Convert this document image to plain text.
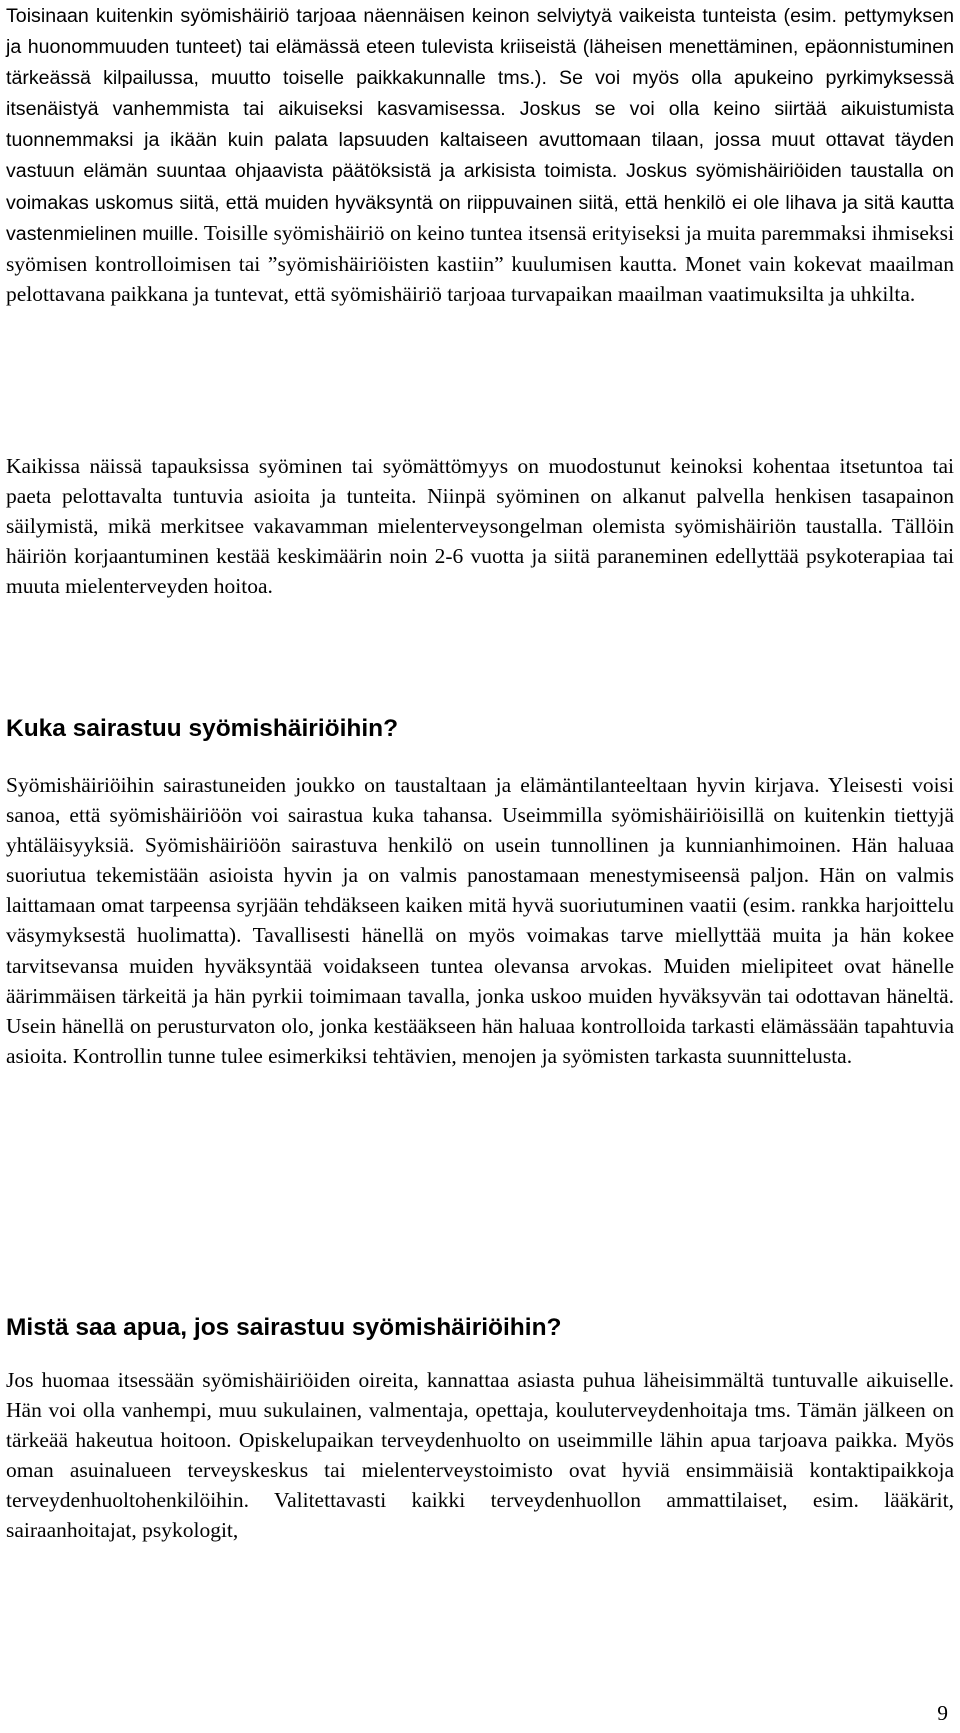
Toisinaan kuitenkin syömishäiriö tarjoaa näennäisen keinon selviytyä vaikeista tunteista (esim. pettymyksen ja huonommuuden tunteet) tai elämässä eteen tulevista kriiseistä (läheisen menettäminen, epäonnistuminen tärkeässä kilpailussa, muutto toiselle paikkakunnalle tms.). Se voi myös olla apukeino pyrkimyksessä itsenäistyä vanhemmista tai aikuiseksi kasvamisessa. Joskus se voi olla keino siirtää aikuistumista tuonnemmaksi ja ikään kuin palata lapsuuden kaltaiseen avuttomaan tilaan, jossa muut ottavat täyden vastuun elämän suuntaa ohjaavista päätöksistä ja arkisista toimista. Joskus syömishäiriöiden taustalla on voimakas uskomus siitä, että muiden hyväksyntä on riippuvainen siitä, että henkilö ei ole lihava ja sitä kautta vastenmielinen muille. Toisille syömishäiriö on keino tuntea itsensä erityiseksi ja muita paremmaksi ihmiseksi syömisen kontrolloimisen tai ”syömishäiriöisten kastiin” kuulumisen kautta. Monet vain kokevat maailman pelottavana paikkana ja tuntevat, että syömishäiriö tarjoaa turvapaikan maailman vaatimuksilta ja uhkilta.

Kaikissa näissä tapauksissa syöminen tai syömättömyys on muodostunut keinoksi kohentaa itsetuntoa tai paeta pelottavalta tuntuvia asioita ja tunteita. Niinpä syöminen on alkanut palvella henkisen tasapainon säilymistä, mikä merkitsee vakavamman mielenterveysongelman olemista syömishäiriön taustalla. Tällöin häiriön korjaantuminen kestää keskimäärin noin 2-6 vuotta ja siitä paraneminen edellyttää psykoterapiaa tai muuta mielenterveyden hoitoa.

Kuka sairastuu syömishäiriöihin?

Syömishäiriöihin sairastuneiden joukko on taustaltaan ja elämäntilanteeltaan hyvin kirjava. Yleisesti voisi sanoa, että syömishäiriöön voi sairastua kuka tahansa. Useimmilla syömishäiriöisillä on kuitenkin tiettyjä yhtäläisyyksiä. Syömishäiriöön sairastuva henkilö on usein tunnollinen ja kunnianhimoinen. Hän haluaa suoriutua tekemistään asioista hyvin ja on valmis panostamaan menestymiseensä paljon. Hän on valmis laittamaan omat tarpeensa syrjään tehdäkseen kaiken mitä hyvä suoriutuminen vaatii (esim. rankka harjoittelu väsymyksestä huolimatta). Tavallisesti hänellä on myös voimakas tarve miellyttää muita ja hän kokee tarvitsevansa muiden hyväksyntää voidakseen tuntea olevansa arvokas. Muiden mielipiteet ovat hänelle äärimmäisen tärkeitä ja hän pyrkii toimimaan tavalla, jonka uskoo muiden hyväksyvän tai odottavan häneltä. Usein hänellä on perusturvaton olo, jonka kestääkseen hän haluaa kontrolloida tarkasti elämässään tapahtuvia asioita. Kontrollin tunne tulee esimerkiksi tehtävien, menojen ja syömisten tarkasta suunnittelusta.

Mistä saa apua, jos sairastuu syömishäiriöihin?

Jos huomaa itsessään syömishäiriöiden oireita, kannattaa asiasta puhua läheisimmältä tuntuvalle aikuiselle. Hän voi olla vanhempi, muu sukulainen, valmentaja, opettaja, kouluterveydenhoitaja tms. Tämän jälkeen on tärkeää hakeutua hoitoon. Opiskelupaikan terveydenhuolto on useimmille lähin apua tarjoava paikka. Myös oman asuinalueen terveyskeskus tai mielenterveystoimisto ovat hyviä ensimmäisiä kontaktipaikkoja terveydenhuoltohenkilöihin. Valitettavasti kaikki terveydenhuollon ammattilaiset, esim. lääkärit, sairaanhoitajat, psykologit,

9
